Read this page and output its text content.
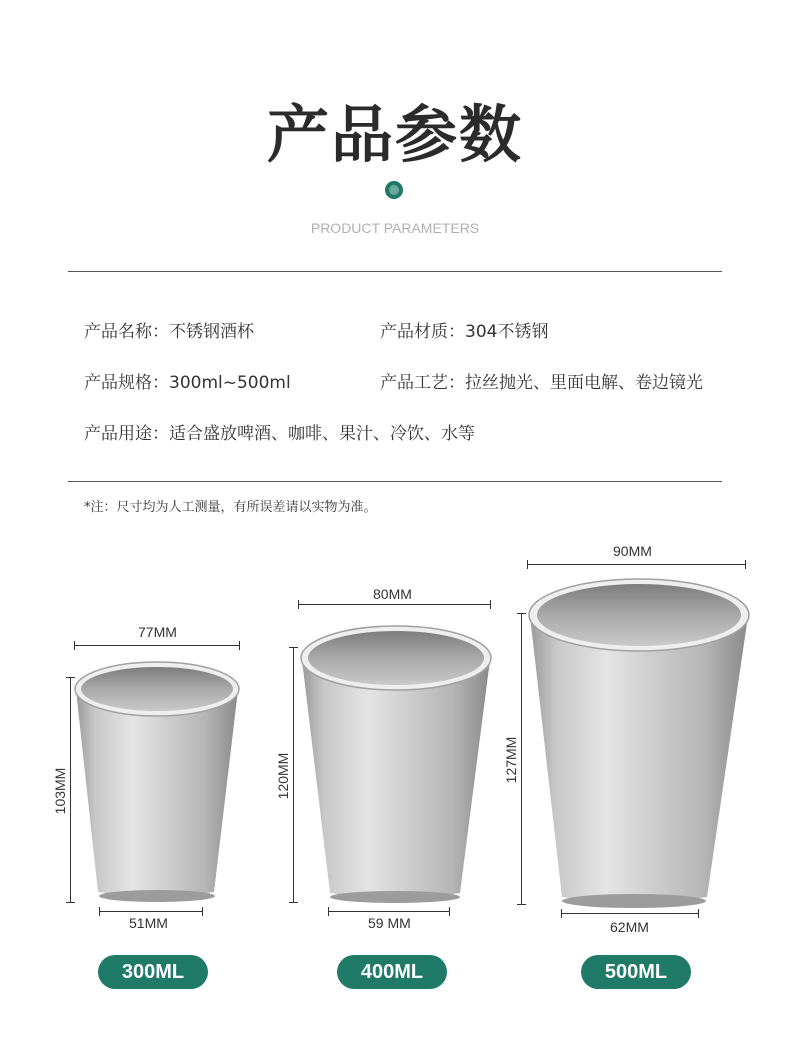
产品参数
PRODUCT PARAMETERS
产品名称：不锈钢酒杯	产品材质：304不锈钢
产品规格：300ml~500ml	产品工艺：拉丝抛光、里面电解、卷边镜光
产品用途：适合盛放啤酒、咖啡、果汁、冷饮、水等
*注：尺寸均为人工测量，有所误差请以实物为准。
77MM
103MM
51MM
300ML
80MM
120MM
59 MM
400ML
90MM
127MM
62MM
500ML
